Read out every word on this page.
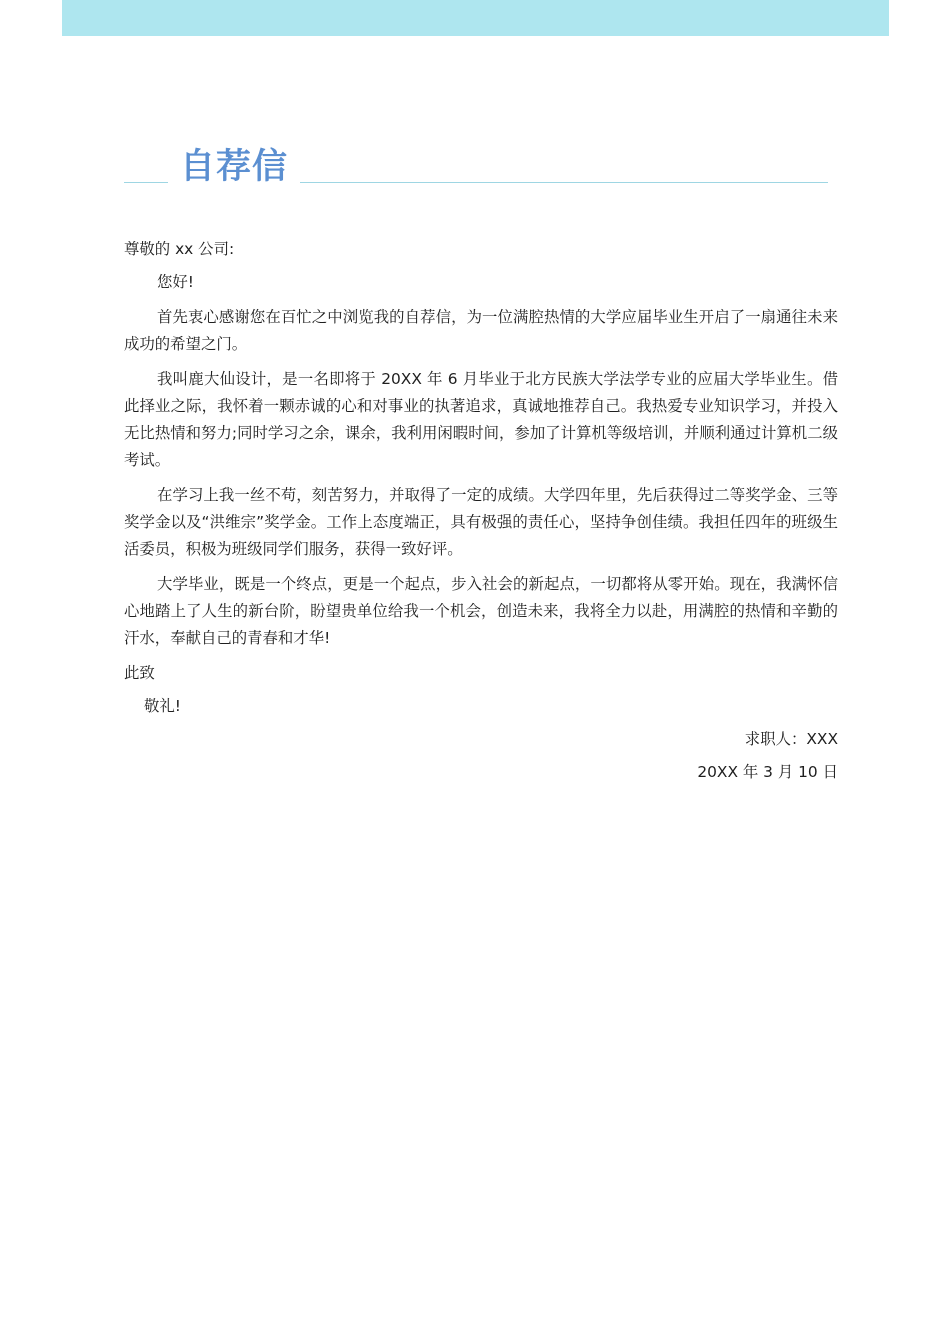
自荐信

尊敬的 xx 公司:

您好!

首先衷心感谢您在百忙之中浏览我的自荐信，为一位满腔热情的大学应届毕业生开启了一扇通往未来成功的希望之门。

我叫鹿大仙设计，是一名即将于 20XX 年 6 月毕业于北方民族大学法学专业的应届大学毕业生。借此择业之际，我怀着一颗赤诚的心和对事业的执著追求，真诚地推荐自己。我热爱专业知识学习，并投入无比热情和努力;同时学习之余，课余，我利用闲暇时间，参加了计算机等级培训，并顺利通过计算机二级考试。

在学习上我一丝不苟，刻苦努力，并取得了一定的成绩。大学四年里，先后获得过二等奖学金、三等奖学金以及“洪维宗”奖学金。工作上态度端正，具有极强的责任心，坚持争创佳绩。我担任四年的班级生活委员，积极为班级同学们服务，获得一致好评。

大学毕业，既是一个终点，更是一个起点，步入社会的新起点，一切都将从零开始。现在，我满怀信心地踏上了人生的新台阶，盼望贵单位给我一个机会，创造未来，我将全力以赴，用满腔的热情和辛勤的汗水，奉献自己的青春和才华!

此致

敬礼!

求职人：XXX

20XX 年 3 月 10 日
